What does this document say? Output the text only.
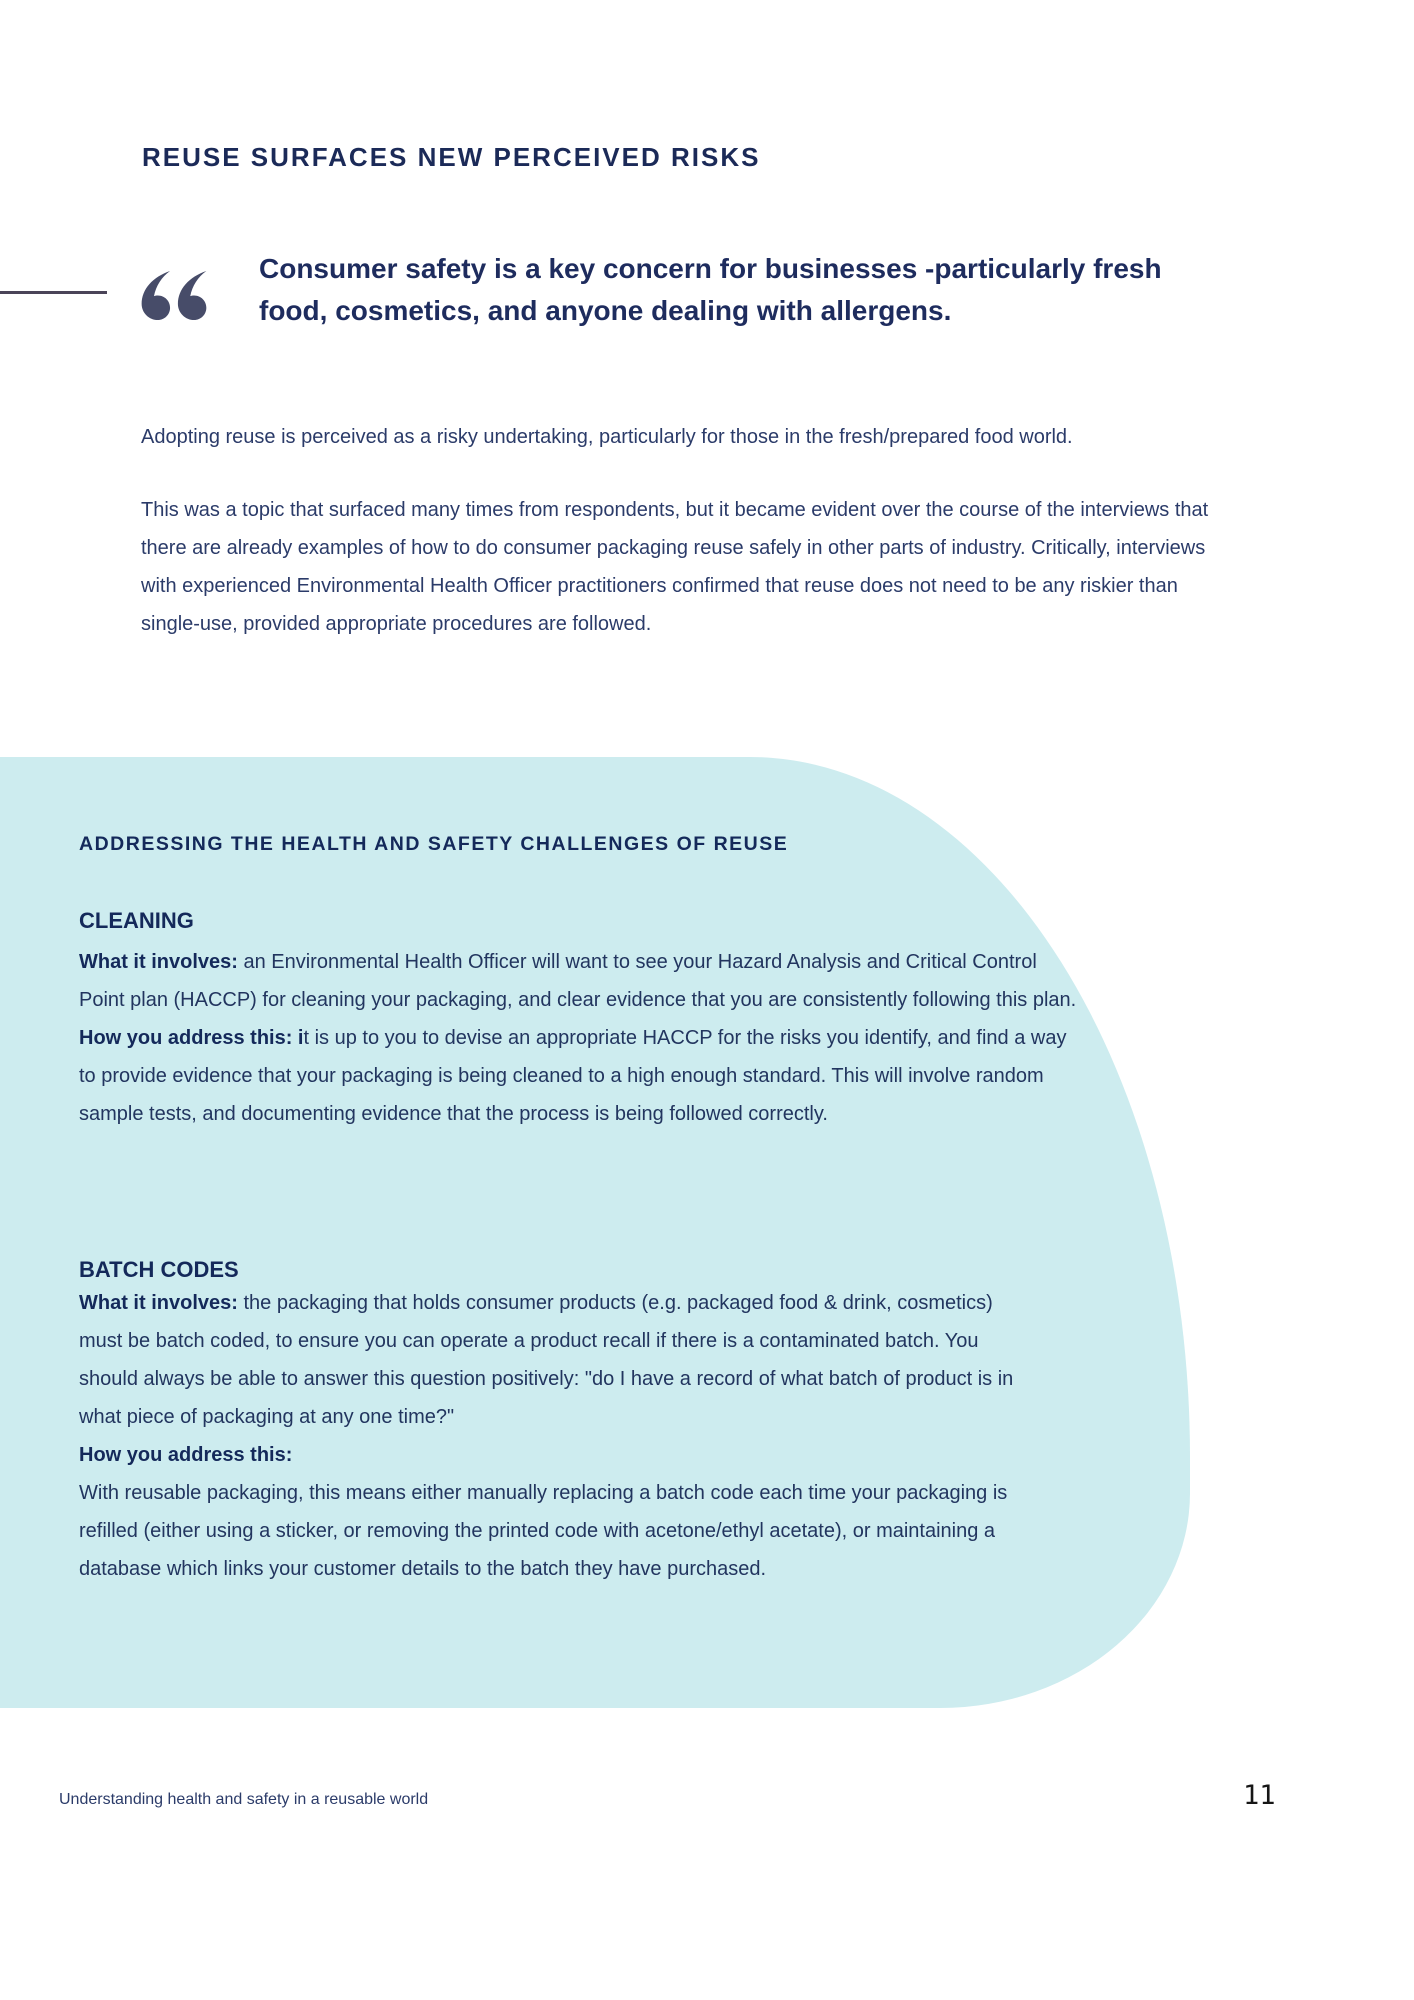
REUSE SURFACES NEW PERCEIVED RISKS
Consumer safety is a key concern for businesses -particularly fresh food, cosmetics, and anyone dealing with allergens.

Adopting reuse is perceived as a risky undertaking, particularly for those in the fresh/prepared food world.

This was a topic that surfaced many times from respondents, but it became evident over the course of the interviews that there are already examples of how to do consumer packaging reuse safely in other parts of industry. Critically, interviews with experienced Environmental Health Officer practitioners confirmed that reuse does not need to be any riskier than single-use, provided appropriate procedures are followed.

ADDRESSING THE HEALTH AND SAFETY CHALLENGES OF REUSE
CLEANING

What it involves: an Environmental Health Officer will want to see your Hazard Analysis and Critical Control Point plan (HACCP) for cleaning your packaging, and clear evidence that you are consistently following this plan.
How you address this: it is up to you to devise an appropriate HACCP for the risks you identify, and find a way to provide evidence that your packaging is being cleaned to a high enough standard. This will involve random sample tests, and documenting evidence that the process is being followed correctly.

BATCH CODES

What it involves: the packaging that holds consumer products (e.g. packaged food & drink, cosmetics) must be batch coded, to ensure you can operate a product recall if there is a contaminated batch. You should always be able to answer this question positively: "do I have a record of what batch of product is in what piece of packaging at any one time?"
How you address this:
With reusable packaging, this means either manually replacing a batch code each time your packaging is refilled (either using a sticker, or removing the printed code with acetone/ethyl acetate), or maintaining a database which links your customer details to the batch they have purchased.

Understanding health and safety in a reusable world	11
